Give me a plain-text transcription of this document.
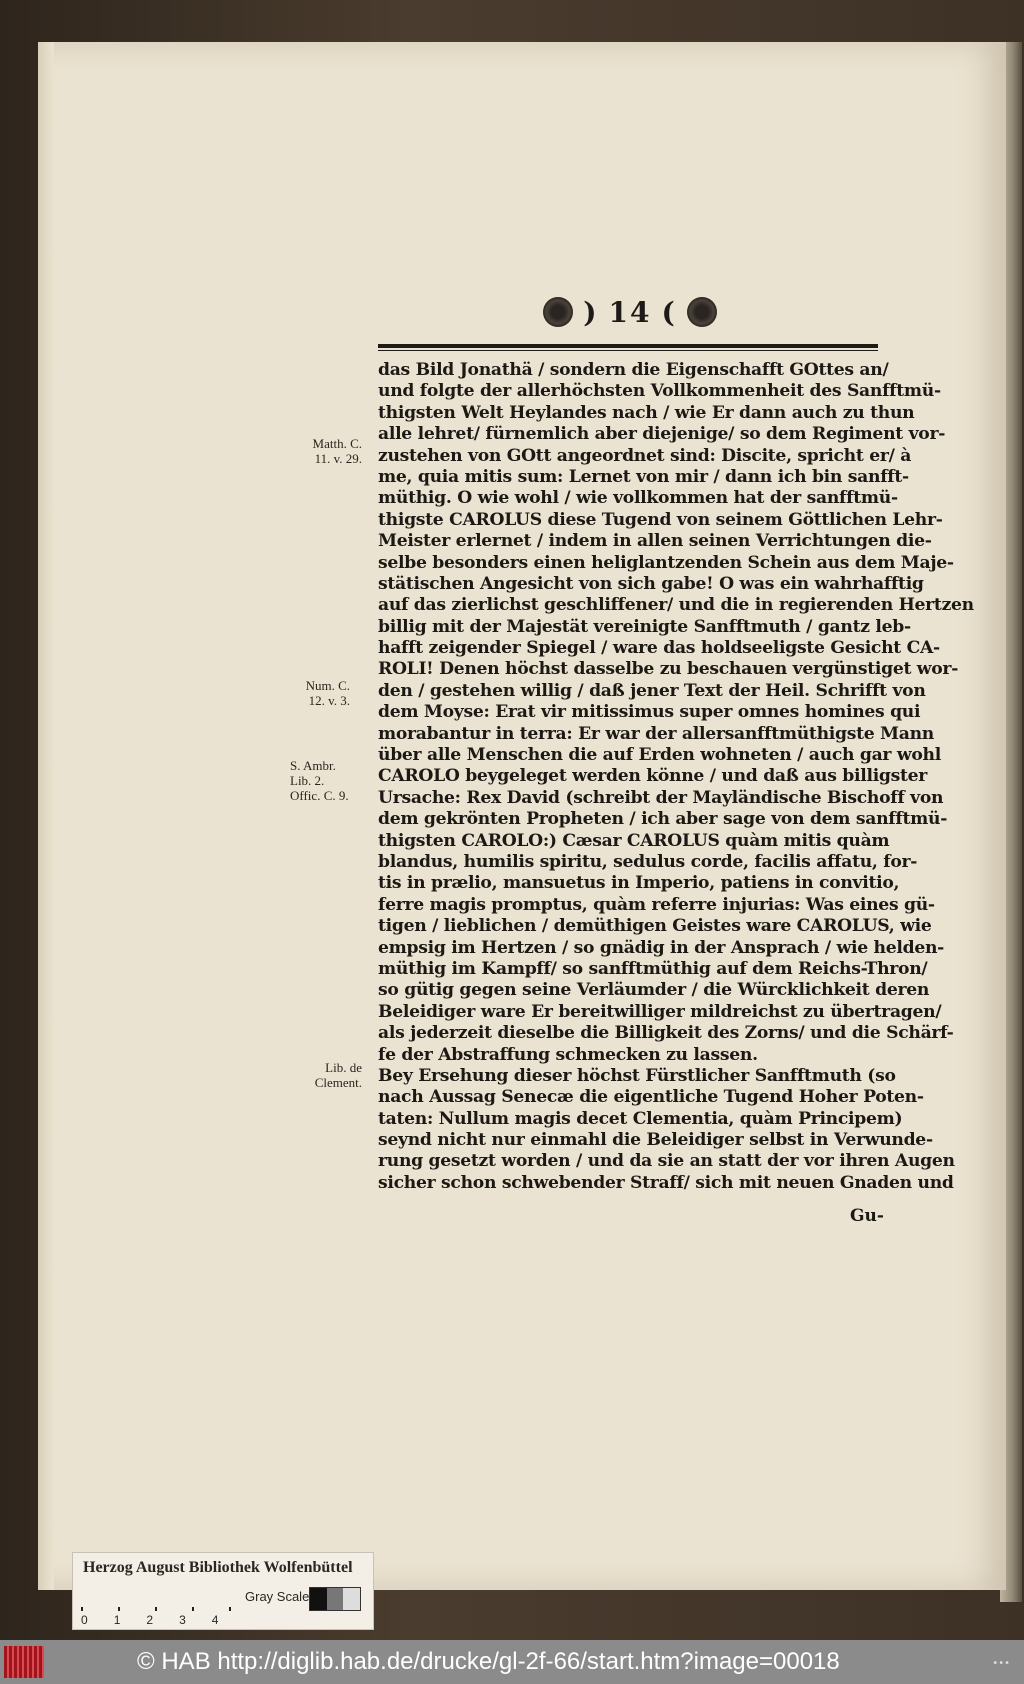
) 14 (
das Bild Jonathä / sondern die Eigenschafft GOttes an/
und folgte der allerhöchsten Vollkommenheit des Sanfftmü-
thigsten Welt Heylandes nach / wie Er dann auch zu thun
alle lehret/ fürnemlich aber diejenige/ so dem Regiment vor-
zustehen von GOtt angeordnet sind: Discite, spricht er/ à
me, quia mitis sum: Lernet von mir / dann ich bin sanfft-
müthig. O wie wohl / wie vollkommen hat der sanfftmü-
thigste CAROLUS diese Tugend von seinem Göttlichen Lehr-
Meister erlernet / indem in allen seinen Verrichtungen die-
selbe besonders einen heliglantzenden Schein aus dem Maje-
stätischen Angesicht von sich gabe! O was ein wahrhafftig
auf das zierlichst geschliffener/ und die in regierenden Hertzen
billig mit der Majestät vereinigte Sanfftmuth / gantz leb-
hafft zeigender Spiegel / ware das holdseeligste Gesicht CA-
ROLI! Denen höchst dasselbe zu beschauen vergünstiget wor-
den / gestehen willig / daß jener Text der Heil. Schrifft von
dem Moyse: Erat vir mitissimus super omnes homines qui
morabantur in terra: Er war der allersanfftmüthigste Mann
über alle Menschen die auf Erden wohneten / auch gar wohl
CAROLO beygeleget werden könne / und daß aus billigster
Ursache: Rex David (schreibt der Mayländische Bischoff von
dem gekrönten Propheten / ich aber sage von dem sanfftmü-
thigsten CAROLO:) Cæsar CAROLUS quàm mitis quàm
blandus, humilis spiritu, sedulus corde, facilis affatu, for-
tis in prælio, mansuetus in Imperio, patiens in convitio,
ferre magis promptus, quàm referre injurias: Was eines gü-
tigen / lieblichen / demüthigen Geistes ware CAROLUS, wie
empsig im Hertzen / so gnädig in der Ansprach / wie helden-
müthig im Kampff/ so sanfftmüthig auf dem Reichs-Thron/
so gütig gegen seine Verläumder / die Würcklichkeit deren
Beleidiger ware Er bereitwilliger mildreichst zu übertragen/
als jederzeit dieselbe die Billigkeit des Zorns/ und die Schärf-
fe der Abstraffung schmecken zu lassen.
Bey Ersehung dieser höchst Fürstlicher Sanfftmuth (so
nach Aussag Senecæ die eigentliche Tugend Hoher Poten-
taten: Nullum magis decet Clementia, quàm Principem)
seynd nicht nur einmahl die Beleidiger selbst in Verwunde-
rung gesetzt worden / und da sie an statt der vor ihren Augen
sicher schon schwebender Straff/ sich mit neuen Gnaden und
Matth. C.
11. v. 29.
Num. C.
12. v. 3.
S. Ambr.
Lib. 2.
Offic. C. 9.
Lib. de
Clement.
Gu-
Herzog August Bibliothek Wolfenbüttel
Gray Scale
0 1 2 3 4
© HAB http://diglib.hab.de/drucke/gl-2f-66/start.htm?image=00018	•••
